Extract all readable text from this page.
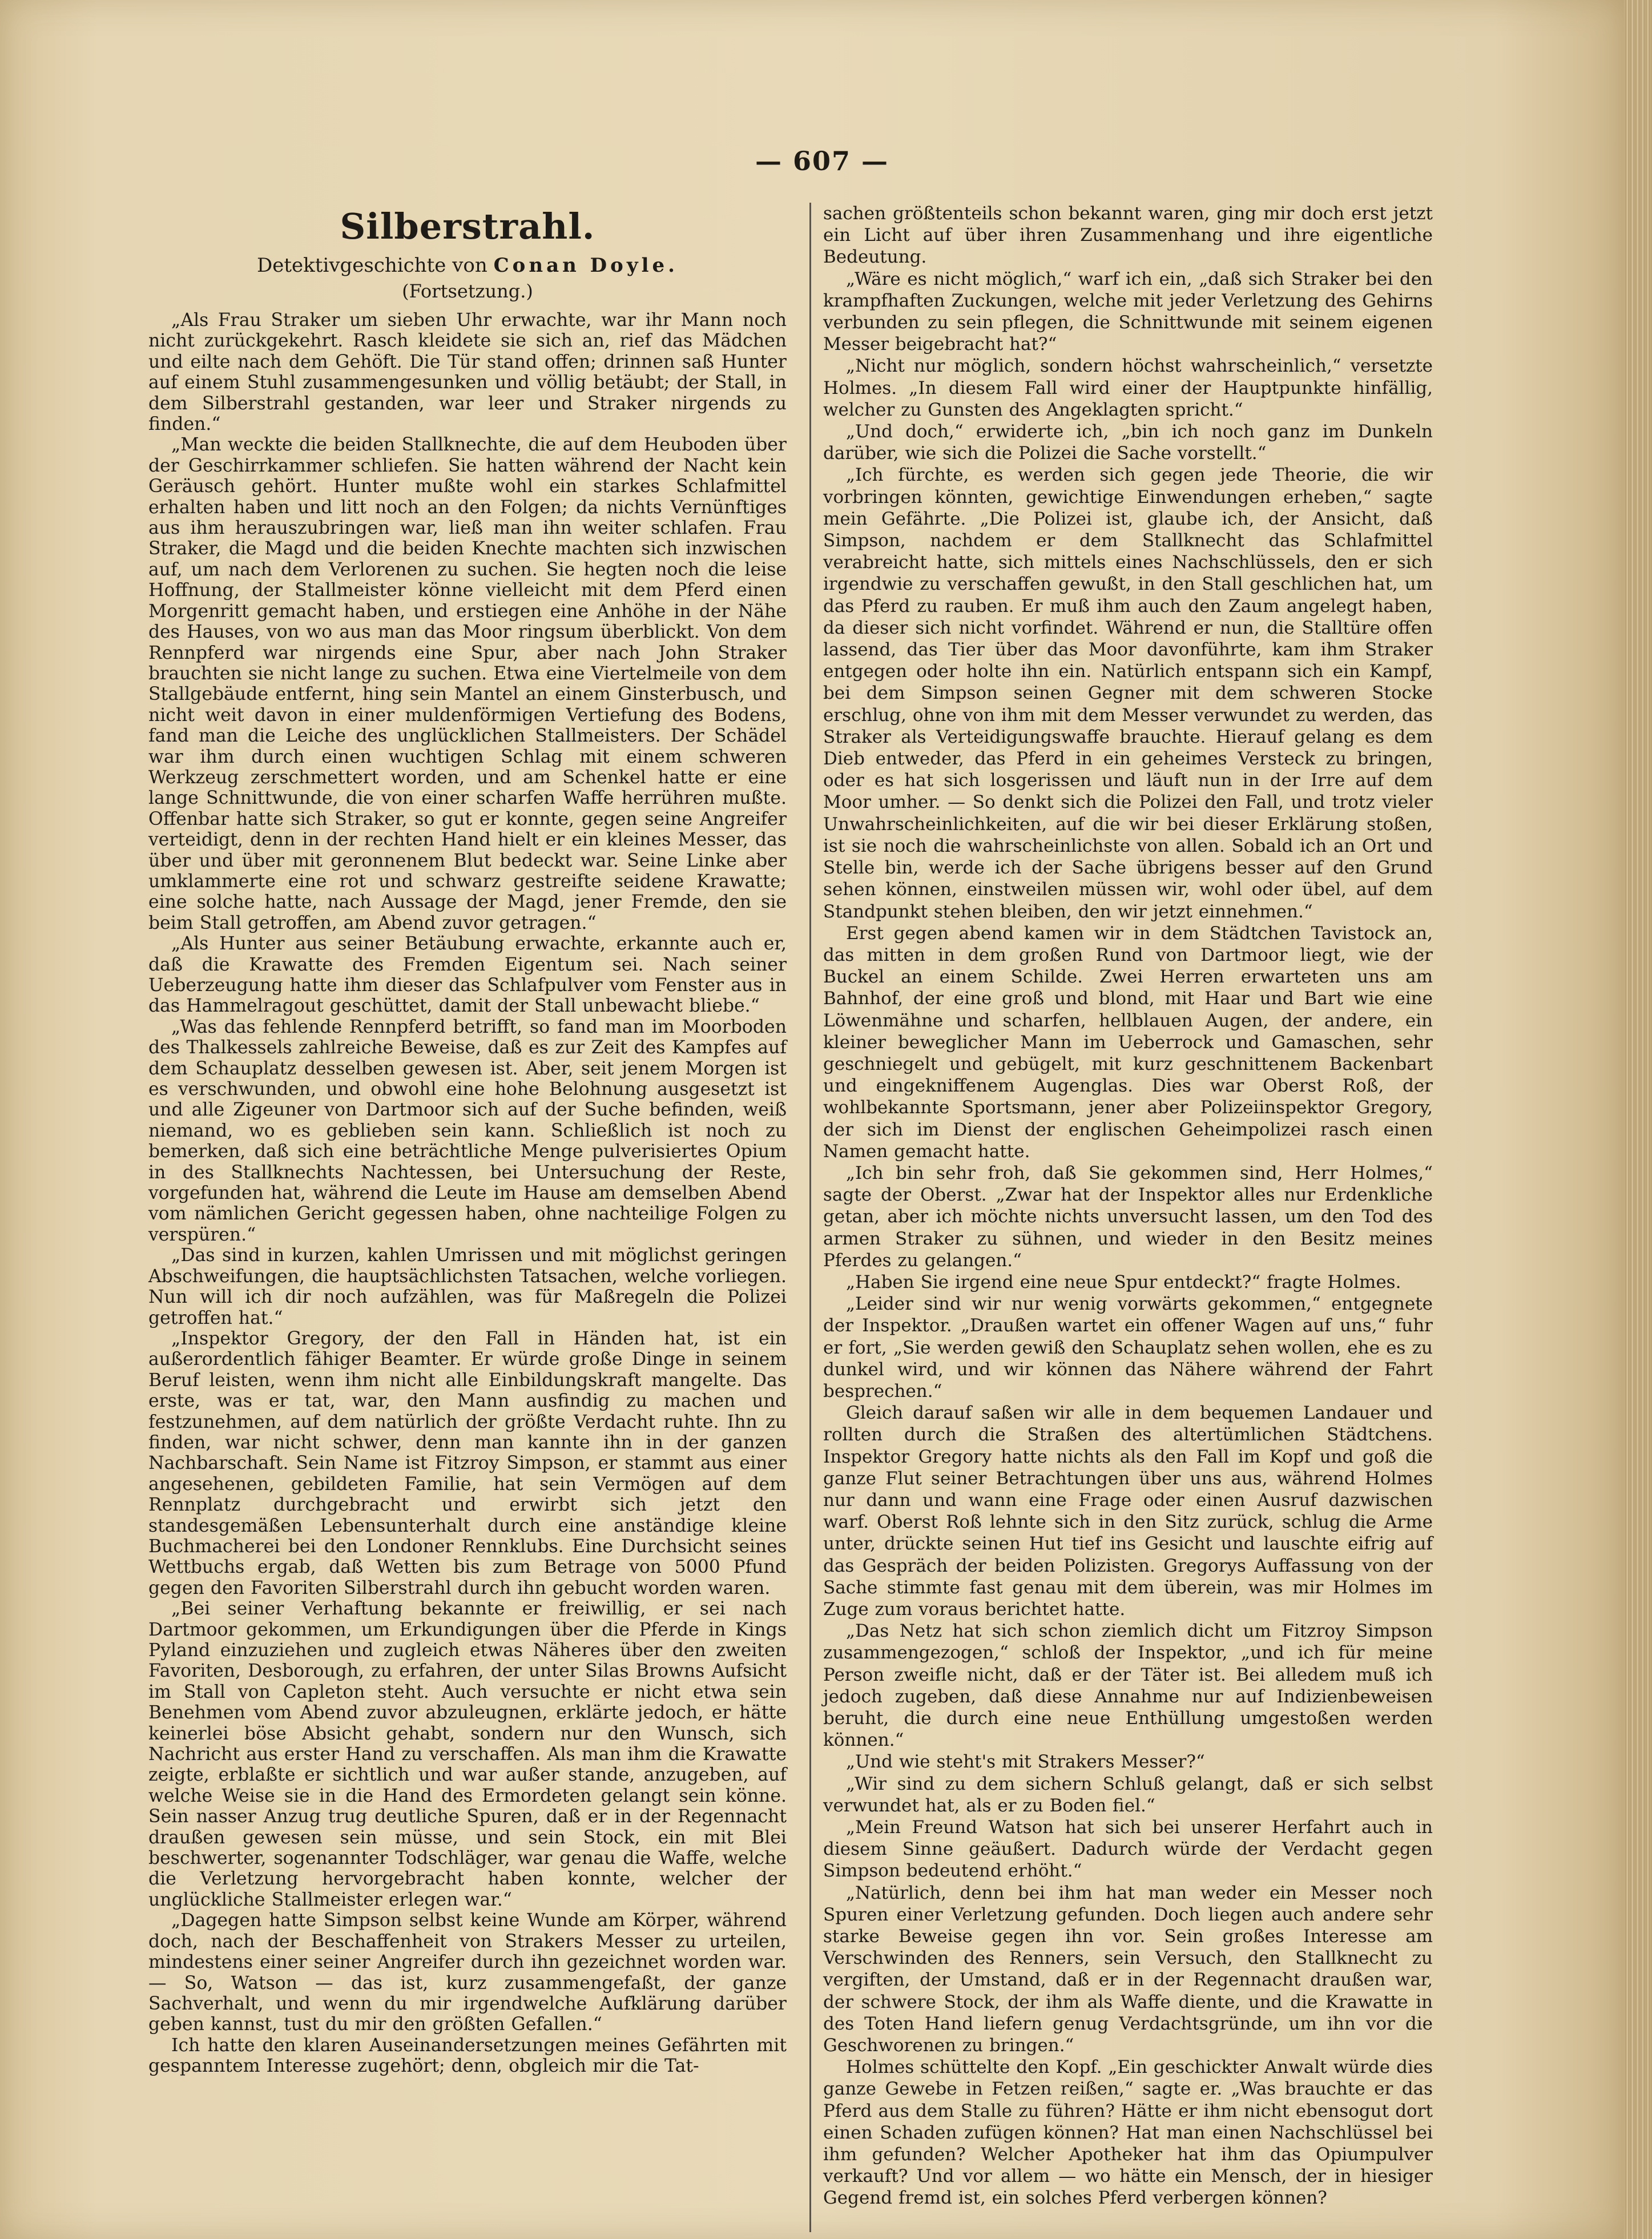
— 607 —
Silberstrahl.
Detektivgeschichte von Conan Doyle.
(Fortsetzung.)

„Als Frau Straker um sieben Uhr erwachte, war ihr Mann noch nicht zurückgekehrt. Rasch kleidete sie sich an, rief das Mädchen und eilte nach dem Gehöft. Die Tür stand offen; drinnen saß Hunter auf einem Stuhl zusammengesunken und völlig betäubt; der Stall, in dem Silberstrahl gestanden, war leer und Straker nirgends zu finden.“

„Man weckte die beiden Stallknechte, die auf dem Heuboden über der Geschirrkammer schliefen. Sie hatten während der Nacht kein Geräusch gehört. Hunter mußte wohl ein starkes Schlafmittel erhalten haben und litt noch an den Folgen; da nichts Vernünftiges aus ihm herauszubringen war, ließ man ihn weiter schlafen. Frau Straker, die Magd und die beiden Knechte machten sich inzwischen auf, um nach dem Verlorenen zu suchen. Sie hegten noch die leise Hoffnung, der Stallmeister könne vielleicht mit dem Pferd einen Morgenritt gemacht haben, und erstiegen eine Anhöhe in der Nähe des Hauses, von wo aus man das Moor ringsum überblickt. Von dem Rennpferd war nirgends eine Spur, aber nach John Straker brauchten sie nicht lange zu suchen. Etwa eine Viertelmeile von dem Stallgebäude entfernt, hing sein Mantel an einem Ginsterbusch, und nicht weit davon in einer muldenförmigen Vertiefung des Bodens, fand man die Leiche des unglücklichen Stallmeisters. Der Schädel war ihm durch einen wuchtigen Schlag mit einem schweren Werkzeug zerschmettert worden, und am Schenkel hatte er eine lange Schnittwunde, die von einer scharfen Waffe herrühren mußte. Offenbar hatte sich Straker, so gut er konnte, gegen seine Angreifer verteidigt, denn in der rechten Hand hielt er ein kleines Messer, das über und über mit geronnenem Blut bedeckt war. Seine Linke aber umklammerte eine rot und schwarz gestreifte seidene Krawatte; eine solche hatte, nach Aussage der Magd, jener Fremde, den sie beim Stall getroffen, am Abend zuvor getragen.“

„Als Hunter aus seiner Betäubung erwachte, erkannte auch er, daß die Krawatte des Fremden Eigentum sei. Nach seiner Ueberzeugung hatte ihm dieser das Schlafpulver vom Fenster aus in das Hammelragout geschüttet, damit der Stall unbewacht bliebe.“

„Was das fehlende Rennpferd betrifft, so fand man im Moorboden des Thalkessels zahlreiche Beweise, daß es zur Zeit des Kampfes auf dem Schauplatz desselben gewesen ist. Aber, seit jenem Morgen ist es verschwunden, und obwohl eine hohe Belohnung ausgesetzt ist und alle Zigeuner von Dartmoor sich auf der Suche befinden, weiß niemand, wo es geblieben sein kann. Schließlich ist noch zu bemerken, daß sich eine beträchtliche Menge pulverisiertes Opium in des Stallknechts Nachtessen, bei Untersuchung der Reste, vorgefunden hat, während die Leute im Hause am demselben Abend vom nämlichen Gericht gegessen haben, ohne nachteilige Folgen zu verspüren.“

„Das sind in kurzen, kahlen Umrissen und mit möglichst geringen Abschweifungen, die hauptsächlichsten Tatsachen, welche vorliegen. Nun will ich dir noch aufzählen, was für Maßregeln die Polizei getroffen hat.“

„Inspektor Gregory, der den Fall in Händen hat, ist ein außerordentlich fähiger Beamter. Er würde große Dinge in seinem Beruf leisten, wenn ihm nicht alle Einbildungskraft mangelte. Das erste, was er tat, war, den Mann ausfindig zu machen und festzunehmen, auf dem natürlich der größte Verdacht ruhte. Ihn zu finden, war nicht schwer, denn man kannte ihn in der ganzen Nachbarschaft. Sein Name ist Fitzroy Simpson, er stammt aus einer angesehenen, gebildeten Familie, hat sein Vermögen auf dem Rennplatz durchgebracht und erwirbt sich jetzt den standesgemäßen Lebensunterhalt durch eine anständige kleine Buchmacherei bei den Londoner Rennklubs. Eine Durchsicht seines Wettbuchs ergab, daß Wetten bis zum Betrage von 5000 Pfund gegen den Favoriten Silberstrahl durch ihn gebucht worden waren.

„Bei seiner Verhaftung bekannte er freiwillig, er sei nach Dartmoor gekommen, um Erkundigungen über die Pferde in Kings Pyland einzuziehen und zugleich etwas Näheres über den zweiten Favoriten, Desborough, zu erfahren, der unter Silas Browns Aufsicht im Stall von Capleton steht. Auch versuchte er nicht etwa sein Benehmen vom Abend zuvor abzuleugnen, erklärte jedoch, er hätte keinerlei böse Absicht gehabt, sondern nur den Wunsch, sich Nachricht aus erster Hand zu verschaffen. Als man ihm die Krawatte zeigte, erblaßte er sichtlich und war außer stande, anzugeben, auf welche Weise sie in die Hand des Ermordeten gelangt sein könne. Sein nasser Anzug trug deutliche Spuren, daß er in der Regennacht draußen gewesen sein müsse, und sein Stock, ein mit Blei beschwerter, sogenannter Todschläger, war genau die Waffe, welche die Verletzung hervorgebracht haben konnte, welcher der unglückliche Stallmeister erlegen war.“

„Dagegen hatte Simpson selbst keine Wunde am Körper, während doch, nach der Beschaffenheit von Strakers Messer zu urteilen, mindestens einer seiner Angreifer durch ihn gezeichnet worden war. — So, Watson — das ist, kurz zusammengefaßt, der ganze Sachverhalt, und wenn du mir irgendwelche Aufklärung darüber geben kannst, tust du mir den größten Gefallen.“

Ich hatte den klaren Auseinandersetzungen meines Gefährten mit gespanntem Interesse zugehört; denn, obgleich mir die Tat-

sachen größtenteils schon bekannt waren, ging mir doch erst jetzt ein Licht auf über ihren Zusammenhang und ihre eigentliche Bedeutung.

„Wäre es nicht möglich,“ warf ich ein, „daß sich Straker bei den krampfhaften Zuckungen, welche mit jeder Verletzung des Gehirns verbunden zu sein pflegen, die Schnittwunde mit seinem eigenen Messer beigebracht hat?“

„Nicht nur möglich, sondern höchst wahrscheinlich,“ versetzte Holmes. „In diesem Fall wird einer der Hauptpunkte hinfällig, welcher zu Gunsten des Angeklagten spricht.“

„Und doch,“ erwiderte ich, „bin ich noch ganz im Dunkeln darüber, wie sich die Polizei die Sache vorstellt.“

„Ich fürchte, es werden sich gegen jede Theorie, die wir vorbringen könnten, gewichtige Einwendungen erheben,“ sagte mein Gefährte. „Die Polizei ist, glaube ich, der Ansicht, daß Simpson, nachdem er dem Stallknecht das Schlafmittel verabreicht hatte, sich mittels eines Nachschlüssels, den er sich irgendwie zu verschaffen gewußt, in den Stall geschlichen hat, um das Pferd zu rauben. Er muß ihm auch den Zaum angelegt haben, da dieser sich nicht vorfindet. Während er nun, die Stalltüre offen lassend, das Tier über das Moor davonführte, kam ihm Straker entgegen oder holte ihn ein. Natürlich entspann sich ein Kampf, bei dem Simpson seinen Gegner mit dem schweren Stocke erschlug, ohne von ihm mit dem Messer verwundet zu werden, das Straker als Verteidigungswaffe brauchte. Hierauf gelang es dem Dieb entweder, das Pferd in ein geheimes Versteck zu bringen, oder es hat sich losgerissen und läuft nun in der Irre auf dem Moor umher. — So denkt sich die Polizei den Fall, und trotz vieler Unwahrscheinlichkeiten, auf die wir bei dieser Erklärung stoßen, ist sie noch die wahrscheinlichste von allen. Sobald ich an Ort und Stelle bin, werde ich der Sache übrigens besser auf den Grund sehen können, einstweilen müssen wir, wohl oder übel, auf dem Standpunkt stehen bleiben, den wir jetzt einnehmen.“

Erst gegen abend kamen wir in dem Städtchen Tavistock an, das mitten in dem großen Rund von Dartmoor liegt, wie der Buckel an einem Schilde. Zwei Herren erwarteten uns am Bahnhof, der eine groß und blond, mit Haar und Bart wie eine Löwenmähne und scharfen, hellblauen Augen, der andere, ein kleiner beweglicher Mann im Ueberrock und Gamaschen, sehr geschniegelt und gebügelt, mit kurz geschnittenem Backenbart und eingekniffenem Augenglas. Dies war Oberst Roß, der wohlbekannte Sportsmann, jener aber Polizeiinspektor Gregory, der sich im Dienst der englischen Geheimpolizei rasch einen Namen gemacht hatte.

„Ich bin sehr froh, daß Sie gekommen sind, Herr Holmes,“ sagte der Oberst. „Zwar hat der Inspektor alles nur Erdenkliche getan, aber ich möchte nichts unversucht lassen, um den Tod des armen Straker zu sühnen, und wieder in den Besitz meines Pferdes zu gelangen.“

„Haben Sie irgend eine neue Spur entdeckt?“ fragte Holmes.

„Leider sind wir nur wenig vorwärts gekommen,“ entgegnete der Inspektor. „Draußen wartet ein offener Wagen auf uns,“ fuhr er fort, „Sie werden gewiß den Schauplatz sehen wollen, ehe es zu dunkel wird, und wir können das Nähere während der Fahrt besprechen.“

Gleich darauf saßen wir alle in dem bequemen Landauer und rollten durch die Straßen des altertümlichen Städtchens. Inspektor Gregory hatte nichts als den Fall im Kopf und goß die ganze Flut seiner Betrachtungen über uns aus, während Holmes nur dann und wann eine Frage oder einen Ausruf dazwischen warf. Oberst Roß lehnte sich in den Sitz zurück, schlug die Arme unter, drückte seinen Hut tief ins Gesicht und lauschte eifrig auf das Gespräch der beiden Polizisten. Gregorys Auffassung von der Sache stimmte fast genau mit dem überein, was mir Holmes im Zuge zum voraus berichtet hatte.

„Das Netz hat sich schon ziemlich dicht um Fitzroy Simpson zusammengezogen,“ schloß der Inspektor, „und ich für meine Person zweifle nicht, daß er der Täter ist. Bei alledem muß ich jedoch zugeben, daß diese Annahme nur auf Indizienbeweisen beruht, die durch eine neue Enthüllung umgestoßen werden können.“

„Und wie steht's mit Strakers Messer?“

„Wir sind zu dem sichern Schluß gelangt, daß er sich selbst verwundet hat, als er zu Boden fiel.“

„Mein Freund Watson hat sich bei unserer Herfahrt auch in diesem Sinne geäußert. Dadurch würde der Verdacht gegen Simpson bedeutend erhöht.“

„Natürlich, denn bei ihm hat man weder ein Messer noch Spuren einer Verletzung gefunden. Doch liegen auch andere sehr starke Beweise gegen ihn vor. Sein großes Interesse am Verschwinden des Renners, sein Versuch, den Stallknecht zu vergiften, der Umstand, daß er in der Regennacht draußen war, der schwere Stock, der ihm als Waffe diente, und die Krawatte in des Toten Hand liefern genug Verdachtsgründe, um ihn vor die Geschworenen zu bringen.“

Holmes schüttelte den Kopf. „Ein geschickter Anwalt würde dies ganze Gewebe in Fetzen reißen,“ sagte er. „Was brauchte er das Pferd aus dem Stalle zu führen? Hätte er ihm nicht ebensogut dort einen Schaden zufügen können? Hat man einen Nachschlüssel bei ihm gefunden? Welcher Apotheker hat ihm das Opiumpulver verkauft? Und vor allem — wo hätte ein Mensch, der in hiesiger Gegend fremd ist, ein solches Pferd verbergen können?
